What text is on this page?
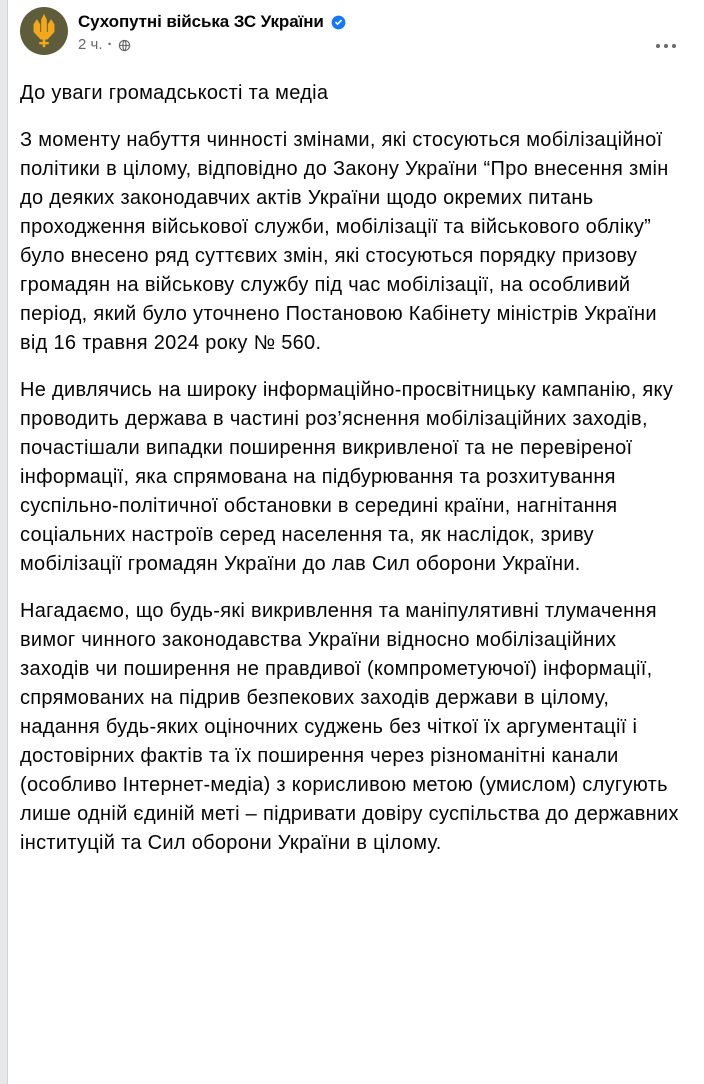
Сухопутні війська ЗС України
2 ч. ·

До уваги громадськості та медіа

З моменту набуття чинності змінами, які стосуються мобілізаційної політики в цілому, відповідно до Закону України “Про внесення змін до деяких законодавчих актів України щодо окремих питань проходження військової служби, мобілізації та військового обліку” було внесено ряд суттєвих змін, які стосуються порядку призову громадян на військову службу під час мобілізації, на особливий період, який було уточнено Постановою Кабінету міністрів України від 16 травня 2024 року № 560.

Не дивлячись на широку інформаційно-просвітницьку кампанію, яку проводить держава в частині роз’яснення мобілізаційних заходів, почастішали випадки поширення викривленої та не перевіреної інформації, яка спрямована на підбурювання та розхитування суспільно-політичної обстановки в середині країни, нагнітання соціальних настроїв серед населення та, як наслідок, зриву мобілізації громадян України до лав Сил оборони України.

Нагадаємо, що будь-які викривлення та маніпулятивні тлумачення вимог чинного законодавства України відносно мобілізаційних заходів чи поширення не правдивої (компрометуючої) інформації, спрямованих на підрив безпекових заходів держави в цілому, надання будь-яких оціночних суджень без чіткої їх аргументації і достовірних фактів та їх поширення через різноманітні канали (особливо Інтернет-медіа) з корисливою метою (умислом) слугують лише одній єдиній меті – підривати довіру суспільства до державних інституцій та Сил оборони України в цілому.
